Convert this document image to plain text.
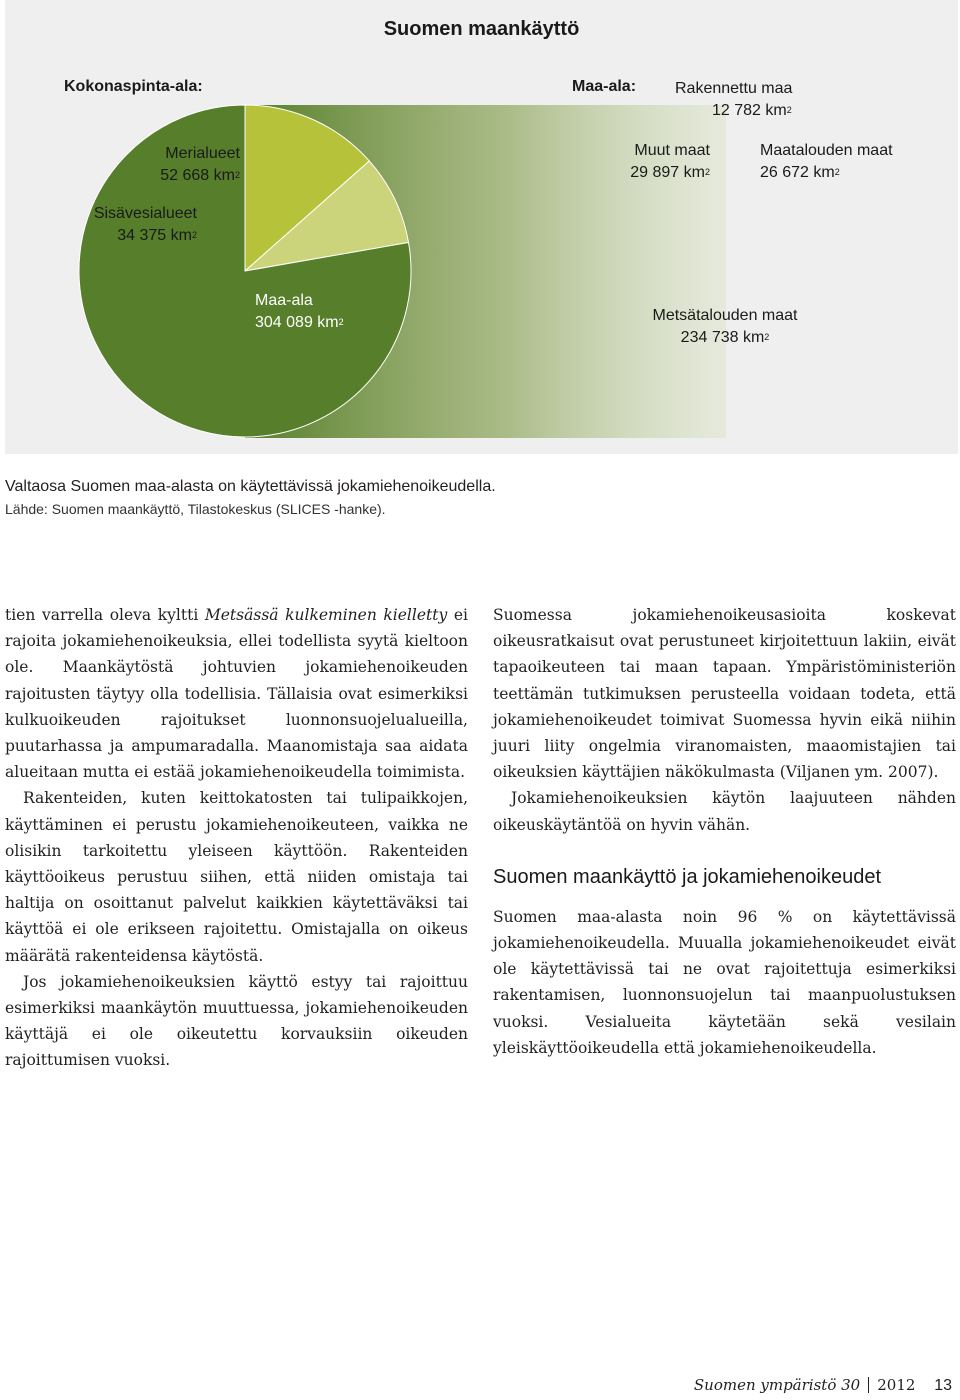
Suomen maankäyttö
Kokonaspinta-ala:	Maa-ala:
Merialueet
52 668 $km^2$
Sisävesialueet
34 375 $km^2$
Maa-ala
304 089 $km^2$
Rakennettu maa
12 782 $km^2$
Muut maat
29 897 $km^2$
Maatalouden maat
26 672 $km^2$
Metsätalouden maat
234 738 $km^2$
Valtaosa Suomen maa-alasta on käytettävissä jokamiehenoikeudella.
Lähde: Suomen maankäyttö, Tilastokeskus (SLICES -hanke).

tien varrella oleva kyltti Metsässä kulkeminen kielletty ei rajoita jokamiehenoikeuksia, ellei todellista syytä kieltoon ole. Maankäytöstä johtuvien jokamiehenoikeuden rajoitusten täytyy olla todellisia. Tällaisia ovat esimerkiksi kulkuoikeuden rajoitukset luonnonsuojelualueilla, puutarhassa ja ampumaradalla. Maanomistaja saa aidata alueitaan mutta ei estää jokamiehenoikeudella toimimista.

Rakenteiden, kuten keittokatosten tai tulipaikkojen, käyttäminen ei perustu jokamiehenoikeuteen, vaikka ne olisikin tarkoitettu yleiseen käyttöön. Rakenteiden käyttöoikeus perustuu siihen, että niiden omistaja tai haltija on osoittanut palvelut kaikkien käytettäväksi tai käyttöä ei ole erikseen rajoitettu. Omistajalla on oikeus määrätä rakenteidensa käytöstä.

Jos jokamiehenoikeuksien käyttö estyy tai rajoittuu esimerkiksi maankäytön muuttuessa, jokamiehenoikeuden käyttäjä ei ole oikeutettu korvauksiin oikeuden rajoittumisen vuoksi.

Suomessa jokamiehenoikeusasioita koskevat oikeusratkaisut ovat perustuneet kirjoitettuun lakiin, eivät tapaoikeuteen tai maan tapaan. Ympäristöministeriön teettämän tutkimuksen perusteella voidaan todeta, että jokamiehenoikeudet toimivat Suomessa hyvin eikä niihin juuri liity ongelmia viranomaisten, maaomistajien tai oikeuksien käyttäjien näkökulmasta (Viljanen ym. 2007).

Jokamiehenoikeuksien käytön laajuuteen nähden oikeuskäytäntöä on hyvin vähän.

Suomen maankäyttö ja jokamiehenoikeudet

Suomen maa-alasta noin 96 % on käytettävissä jokamiehenoikeudella. Muualla jokamiehenoikeudet eivät ole käytettävissä tai ne ovat rajoitettuja esimerkiksi rakentamisen, luonnonsuojelun tai maanpuolustuksen vuoksi. Vesialueita käytetään sekä vesilain yleiskäyttöoikeudella että jokamiehenoikeudella.

Suomen ympäristö 30 2012 13
